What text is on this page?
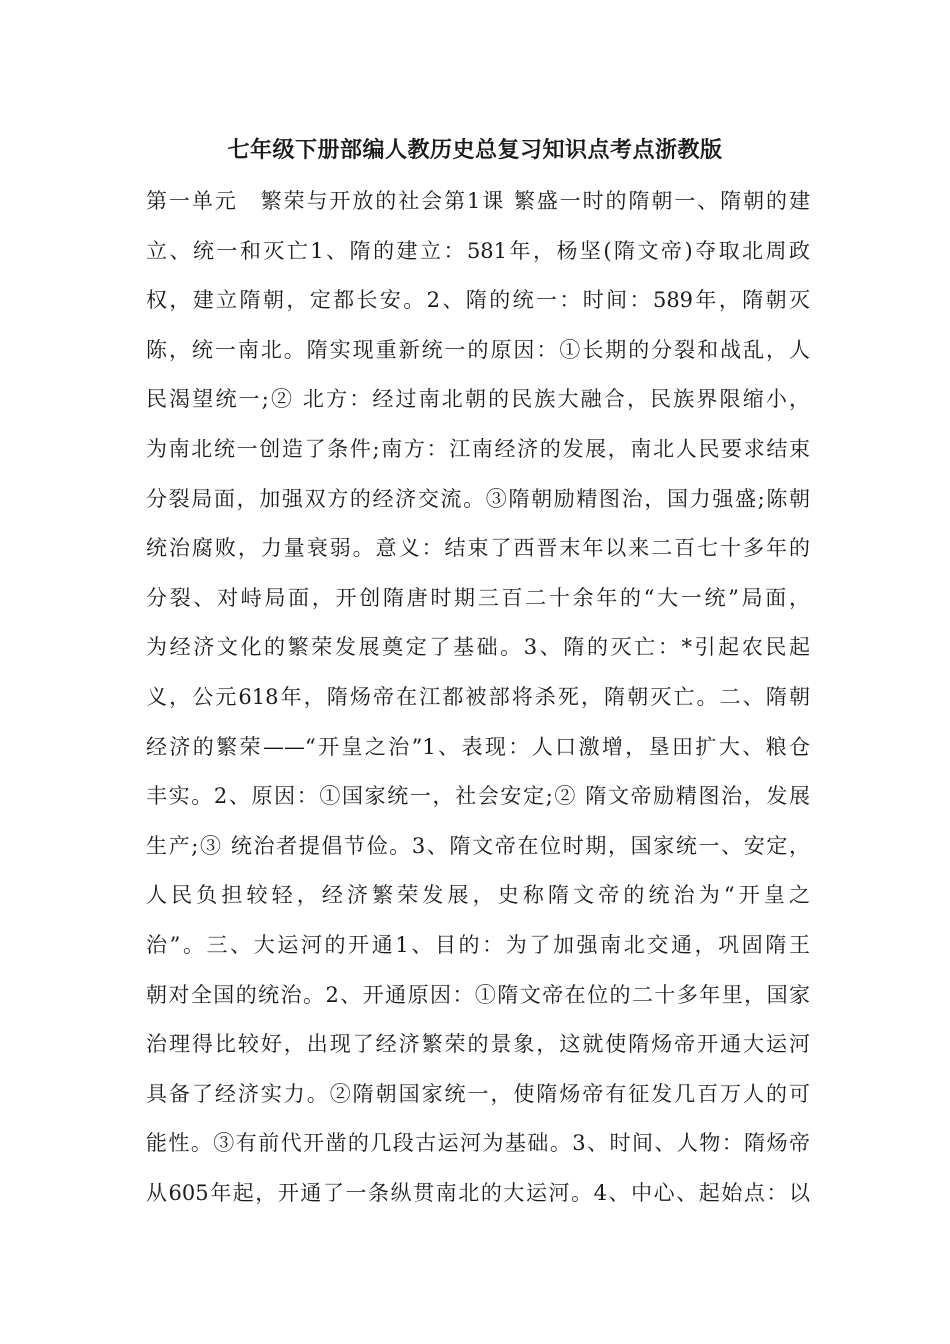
七年级下册部编人教历史总复习知识点考点浙教版
第一单元　繁荣与开放的社会第1课 繁盛一时的隋朝一、隋朝的建
立、统一和灭亡1、隋的建立：581年，杨坚(隋文帝)夺取北周政
权，建立隋朝，定都长安。2、隋的统一：时间：589年，隋朝灭
陈，统一南北。隋实现重新统一的原因：①长期的分裂和战乱，人
民渴望统一;② 北方：经过南北朝的民族大融合，民族界限缩小，
为南北统一创造了条件;南方：江南经济的发展，南北人民要求结束
分裂局面，加强双方的经济交流。③隋朝励精图治，国力强盛;陈朝
统治腐败，力量衰弱。意义：结束了西晋末年以来二百七十多年的
分裂、对峙局面，开创隋唐时期三百二十余年的“大一统”局面，
为经济文化的繁荣发展奠定了基础。3、隋的灭亡：*引起农民起
义，公元618年，隋炀帝在江都被部将杀死，隋朝灭亡。二、隋朝
经济的繁荣——“开皇之治”1、表现：人口激增，垦田扩大、粮仓
丰实。2、原因：①国家统一，社会安定;② 隋文帝励精图治，发展
生产;③ 统治者提倡节俭。3、隋文帝在位时期，国家统一、安定，
人民负担较轻，经济繁荣发展，史称隋文帝的统治为“开皇之
治”。三、大运河的开通1、目的：为了加强南北交通，巩固隋王
朝对全国的统治。2、开通原因：①隋文帝在位的二十多年里，国家
治理得比较好，出现了经济繁荣的景象，这就使隋炀帝开通大运河
具备了经济实力。②隋朝国家统一，使隋炀帝有征发几百万人的可
能性。③有前代开凿的几段古运河为基础。3、时间、人物：隋炀帝
从605年起，开通了一条纵贯南北的大运河。4、中心、起始点：以
